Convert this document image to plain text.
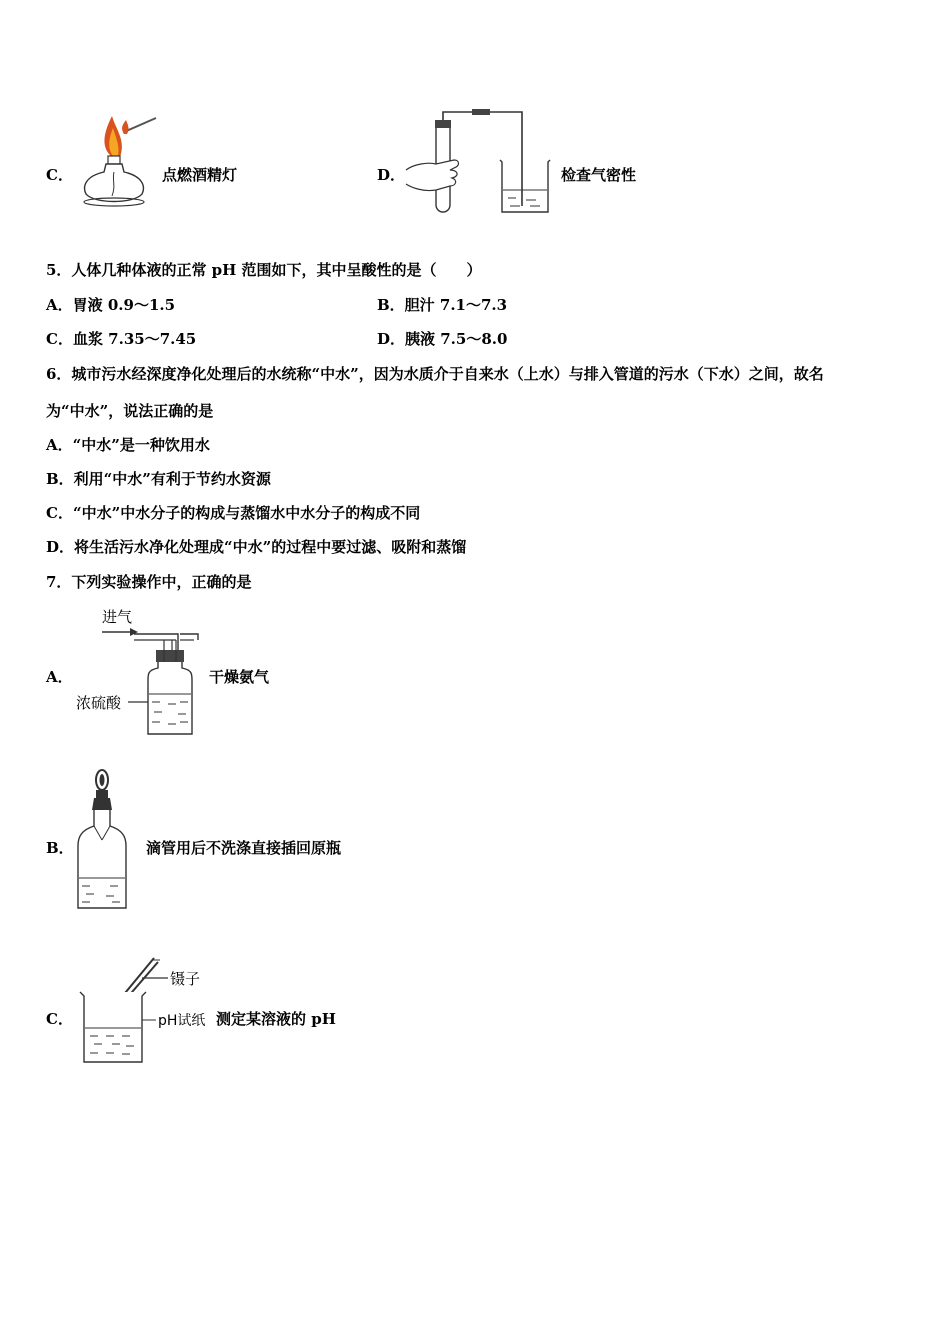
C．	点燃酒精灯	D．	检查气密性
5．人体几种体液的正常 pH 范围如下，其中呈酸性的是（　　）
A．胃液 0.9～1.5	B．胆汁 7.1～7.3
C．血浆 7.35～7.45	D．胰液 7.5～8.0
6．城市污水经深度净化处理后的水统称“中水”，因为水质介于自来水（上水）与排入管道的污水（下水）之间，故名
为“中水”，说法正确的是
A．“中水”是一种饮用水
B．利用“中水”有利于节约水资源
C．“中水”中水分子的构成与蒸馏水中水分子的构成不同
D．将生活污水净化处理成“中水”的过程中要过滤、吸附和蒸馏
7．下列实验操作中，正确的是
A．
进气
浓硫酸
干燥氨气
B．	滴管用后不洗涤直接插回原瓶
C．
镊子
pH试纸 测定某溶液的 pH
